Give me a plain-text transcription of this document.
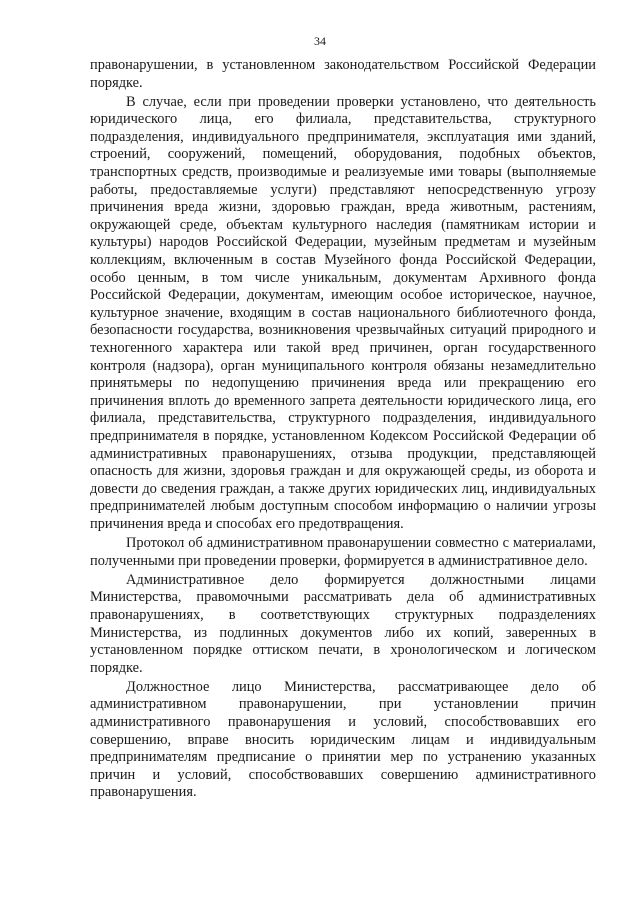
34

правонарушении, в установленном законодательством Российской Федерации порядке.

В случае, если при проведении проверки установлено, что деятельность юридического лица, его филиала, представительства, структурного подразделения, индивидуального предпринимателя, эксплуатация ими зданий, строений, сооружений, помещений, оборудования, подобных объектов, транспортных средств, производимые и реализуемые ими товары (выполняемые работы, предоставляемые услуги) представляют непосредственную угрозу причинения вреда жизни, здоровью граждан, вреда животным, растениям, окружающей среде, объектам культурного наследия (памятникам истории и культуры) народов Российской Федерации, музейным предметам и музейным коллекциям, включенным в состав Музейного фонда Российской Федерации, особо ценным, в том числе уникальным, документам Архивного фонда Российской Федерации, документам, имеющим особое историческое, научное, культурное значение, входящим в состав национального библиотечного фонда, безопасности государства, возникновения чрезвычайных ситуаций природного и техногенного характера или такой вред причинен, орган государственного контроля (надзора), орган муниципального контроля обязаны незамедлительно принятьмеры по недопущению причинения вреда или прекращению его причинения вплоть до временного запрета деятельности юридического лица, его филиала, представительства, структурного подразделения, индивидуального предпринимателя в порядке, установленном Кодексом Российской Федерации об административных правонарушениях, отзыва продукции, представляющей опасность для жизни, здоровья граждан и для окружающей среды, из оборота и довести до сведения граждан, а также других юридических лиц, индивидуальных предпринимателей любым доступным способом информацию о наличии угрозы причинения вреда и способах его предотвращения.

Протокол об административном правонарушении совместно с материалами, полученными при проведении проверки, формируется в административное дело.

Административное дело формируется должностными лицами Министерства, правомочными рассматривать дела об административных правонарушениях, в соответствующих структурных подразделениях Министерства, из подлинных документов либо их копий, заверенных в установленном порядке оттиском печати, в хронологическом и логическом порядке.

Должностное лицо Министерства, рассматривающее дело об административном правонарушении, при установлении причин административного правонарушения и условий, способствовавших его совершению, вправе вносить юридическим лицам и индивидуальным предпринимателям предписание о принятии мер по устранению указанных причин и условий, способствовавших совершению административного правонарушения.
